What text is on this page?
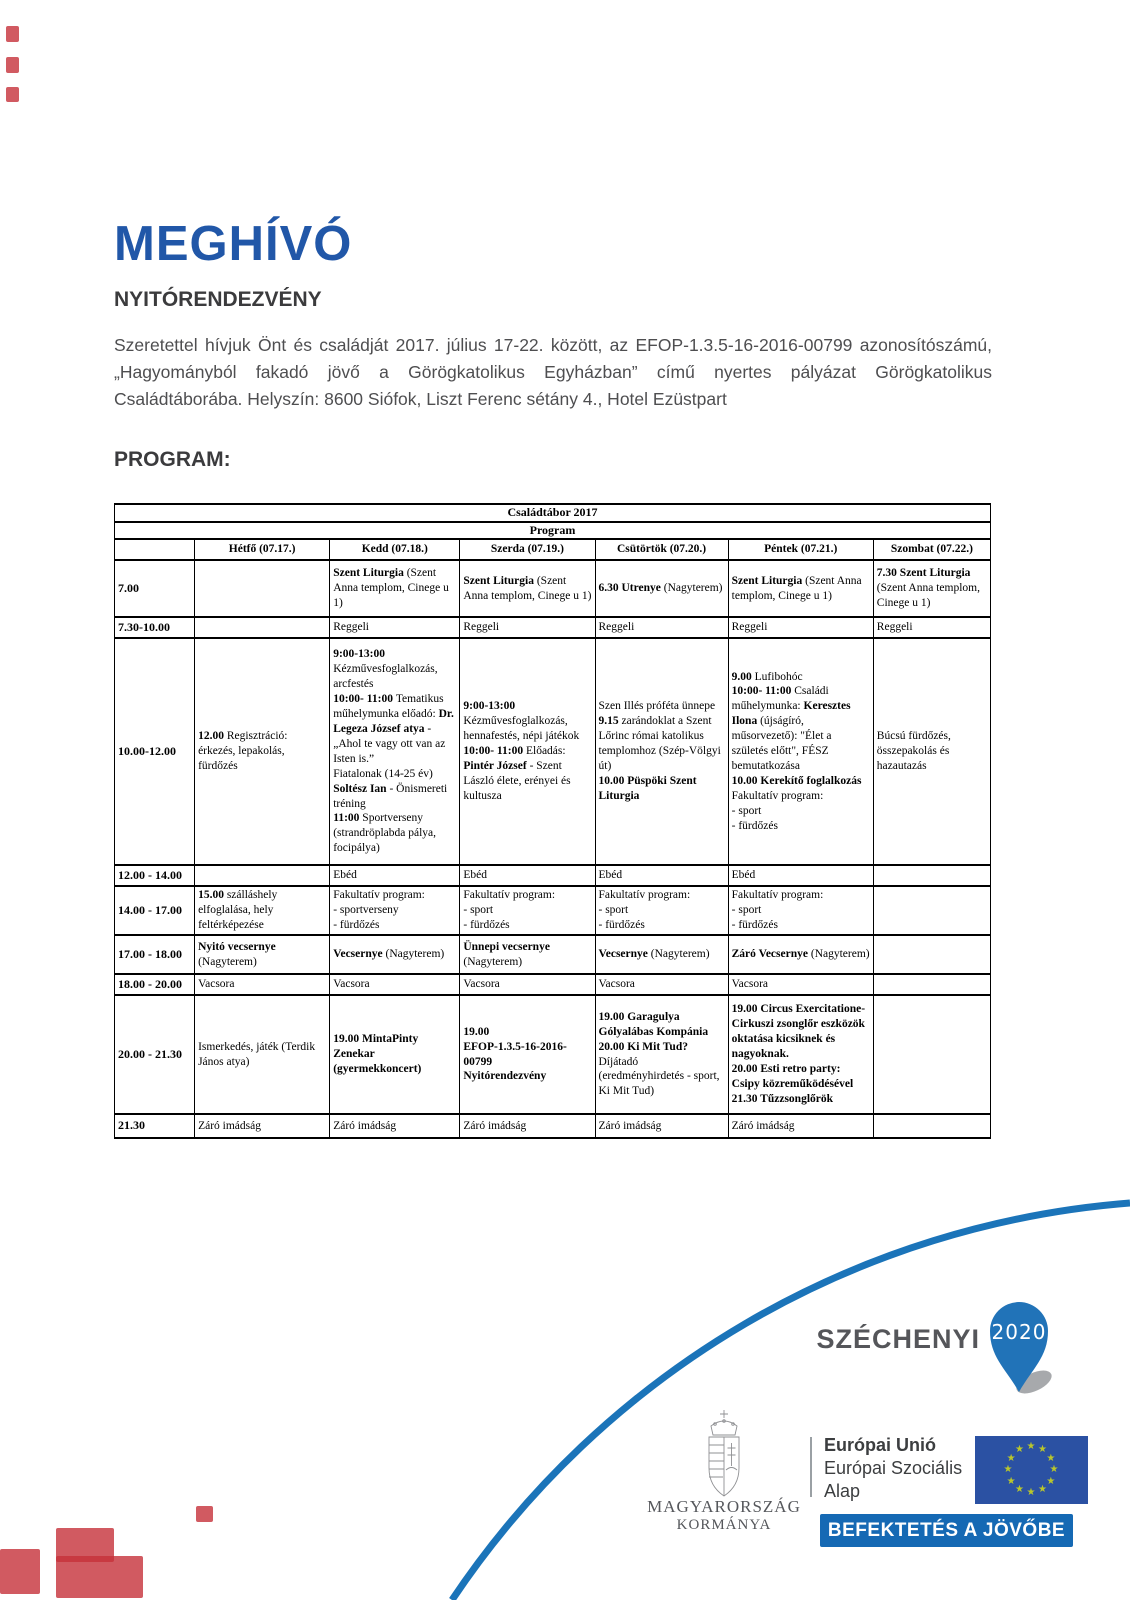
MEGHÍVÓ
NYITÓRENDEZVÉNY
Szeretettel hívjuk Önt és családját 2017. július 17-22. között, az EFOP-1.3.5-16-2016-00799 azonosítószámú, „Hagyományból fakadó jövő a Görögkatolikus Egyházban” című nyertes pályázat Görögkatolikus Családtáborába. Helyszín: 8600 Siófok, Liszt Ferenc sétány 4., Hotel Ezüstpart
PROGRAM:
Családtábor 2017						
Program						
	Hétfő (07.17.)	Kedd (07.18.)	Szerda (07.19.)	Csütörtök (07.20.)	Péntek (07.21.)	Szombat (07.22.)
7.00		Szent Liturgia (Szent Anna templom, Cinege u 1)	Szent Liturgia (Szent Anna templom, Cinege u 1)	6.30 Utrenye (Nagyterem)	Szent Liturgia (Szent Anna templom, Cinege u 1)	7.30 Szent Liturgia (Szent Anna templom, Cinege u 1)
7.30-10.00		Reggeli	Reggeli	Reggeli	Reggeli	Reggeli
10.00-12.00	12.00 Regisztráció: érkezés, lepakolás, fürdőzés	9:00-13:00
Kézművesfoglalkozás, arcfestés
10:00- 11:00 Tematikus műhelymunka előadó: Dr. Legeza József atya - „Ahol te vagy ott van az Isten is.”
Fiatalonak (14-25 év)
Soltész Ian - Önismereti tréning
11:00 Sportverseny (strandröplabda pálya, focipálya)	9:00-13:00
Kézművesfoglalkozás, hennafestés, népi játékok
10:00- 11:00 Előadás: Pintér József - Szent László élete, erényei és kultusza	Szen Illés próféta ünnepe
9.15 zarándoklat a Szent Lőrinc római katolikus templomhoz (Szép-Völgyi út)
10.00 Püspöki Szent Liturgia	9.00 Lufibohóc
10:00- 11:00 Családi műhelymunka: Keresztes Ilona (újságíró, műsorvezető): "Élet a születés előtt", FÉSZ bemutatkozása
10.00 Kerekítő foglalkozás
Fakultatív program:
- sport
- fürdőzés	Búcsú fürdőzés, összepakolás és hazautazás
12.00 - 14.00		Ebéd	Ebéd	Ebéd	Ebéd	
14.00 - 17.00	15.00 szálláshely elfoglalása, hely feltérképezése	Fakultatív program:
- sportverseny
- fürdőzés	Fakultatív program:
- sport
- fürdőzés	Fakultatív program:
- sport
- fürdőzés	Fakultatív program:
- sport
- fürdőzés	
17.00 - 18.00	Nyitó vecsernye (Nagyterem)	Vecsernye (Nagyterem)	Ünnepi vecsernye (Nagyterem)	Vecsernye (Nagyterem)	Záró Vecsernye (Nagyterem)	
18.00 - 20.00	Vacsora	Vacsora	Vacsora	Vacsora	Vacsora	
20.00 - 21.30	Ismerkedés, játék (Terdik János atya)	19.00 MintaPinty Zenekar (gyermekkoncert)	19.00
EFOP-1.3.5-16-2016-00799
Nyitórendezvény	19.00 Garagulya Gólyalábas Kompánia
20.00 Ki Mit Tud?
Díjátadó (eredményhirdetés - sport, Ki Mit Tud)	19.00 Circus Exercitatione- Cirkuszi zsonglőr eszközök oktatása kicsiknek és nagyoknak.
20.00 Esti retro party:
Csipy közreműködésével
21.30 Tűzzsonglőrök	
21.30	Záró imádság	Záró imádság	Záró imádság	Záró imádság	Záró imádság	
SZÉCHENYI 2020
MAGYARORSZÁG
KORMÁNYA
Európai Unió
Európai Szociális
Alap
★ ★
★
★
★
★
★
★
★
★
★
★
BEFEKTETÉS A JÖVŐBE
